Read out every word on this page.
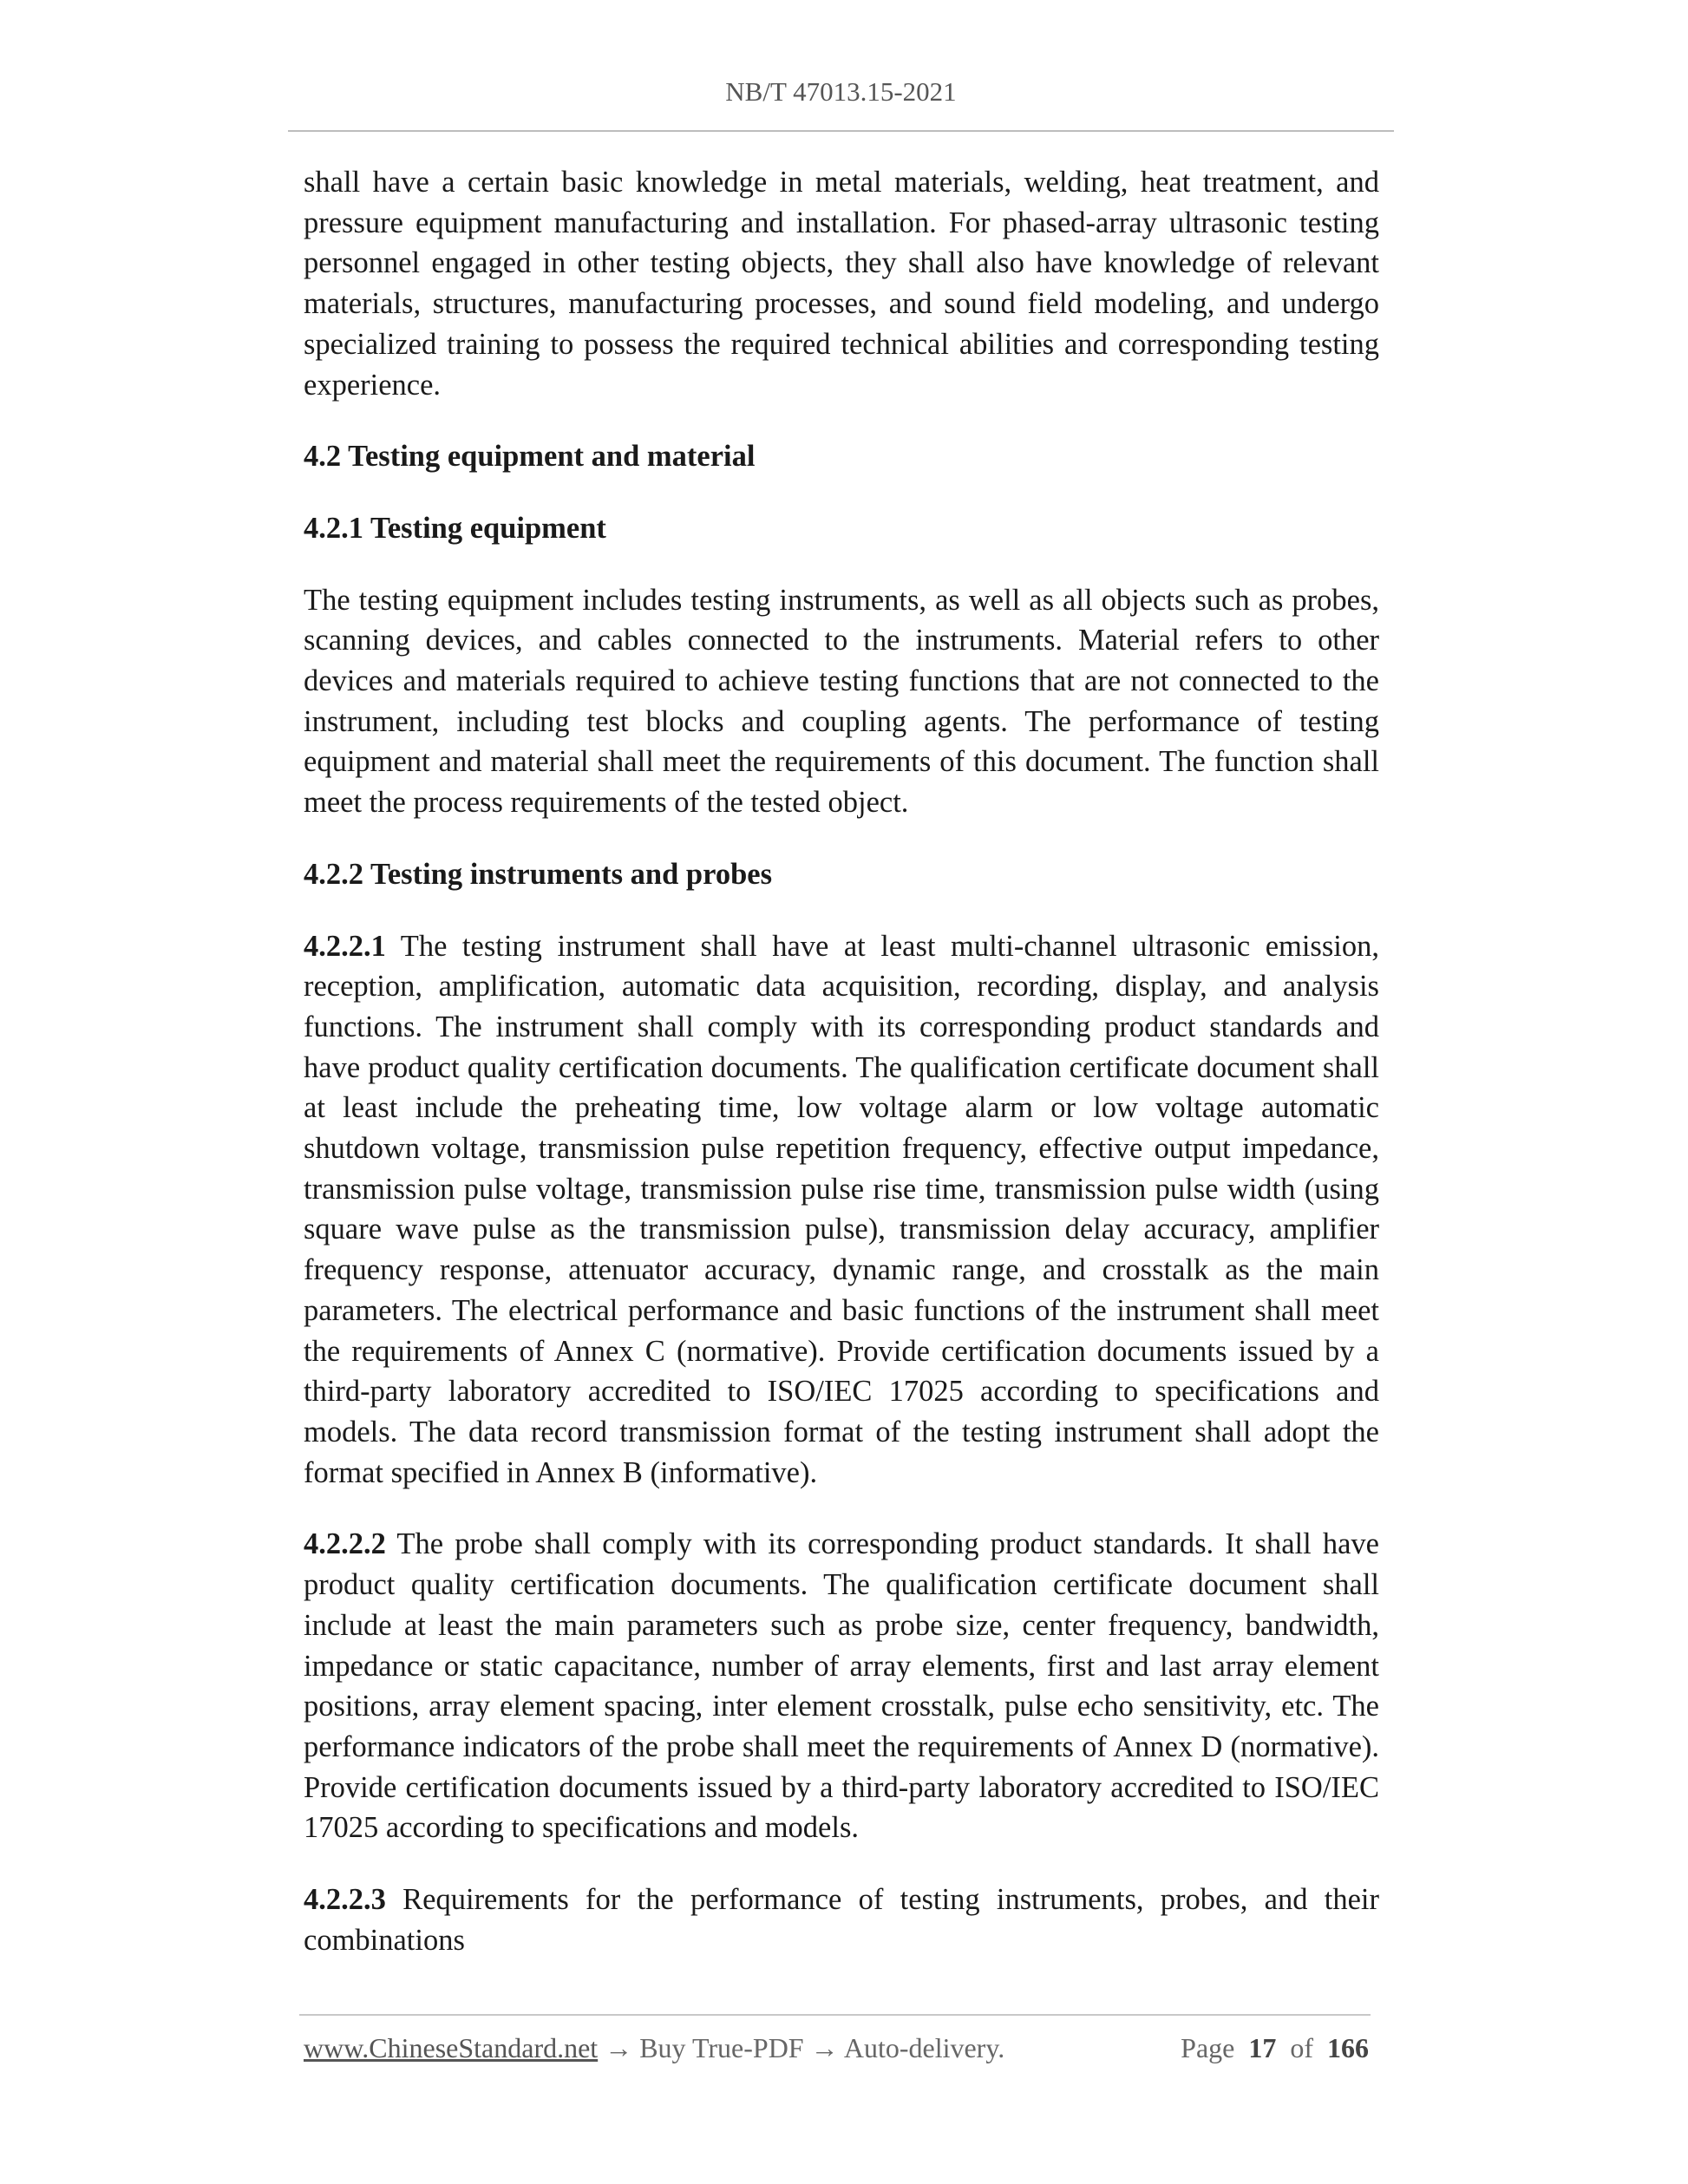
NB/T 47013.15-2021

shall have a certain basic knowledge in metal materials, welding, heat treatment, and pressure equipment manufacturing and installation. For phased-array ultrasonic testing personnel engaged in other testing objects, they shall also have knowledge of relevant materials, structures, manufacturing processes, and sound field modeling, and undergo specialized training to possess the required technical abilities and corresponding testing experience.

4.2 Testing equipment and material
4.2.1 Testing equipment

The testing equipment includes testing instruments, as well as all objects such as probes, scanning devices, and cables connected to the instruments. Material refers to other devices and materials required to achieve testing functions that are not connected to the instrument, including test blocks and coupling agents. The performance of testing equipment and material shall meet the requirements of this document. The function shall meet the process requirements of the tested object.

4.2.2 Testing instruments and probes

4.2.2.1 The testing instrument shall have at least multi-channel ultrasonic emission, reception, amplification, automatic data acquisition, recording, display, and analysis functions. The instrument shall comply with its corresponding product standards and have product quality certification documents. The qualification certificate document shall at least include the preheating time, low voltage alarm or low voltage automatic shutdown voltage, transmission pulse repetition frequency, effective output impedance, transmission pulse voltage, transmission pulse rise time, transmission pulse width (using square wave pulse as the transmission pulse), transmission delay accuracy, amplifier frequency response, attenuator accuracy, dynamic range, and crosstalk as the main parameters. The electrical performance and basic functions of the instrument shall meet the requirements of Annex C (normative). Provide certification documents issued by a third-party laboratory accredited to ISO/IEC 17025 according to specifications and models. The data record transmission format of the testing instrument shall adopt the format specified in Annex B (informative).

4.2.2.2 The probe shall comply with its corresponding product standards. It shall have product quality certification documents. The qualification certificate document shall include at least the main parameters such as probe size, center frequency, bandwidth, impedance or static capacitance, number of array elements, first and last array element positions, array element spacing, inter element crosstalk, pulse echo sensitivity, etc. The performance indicators of the probe shall meet the requirements of Annex D (normative). Provide certification documents issued by a third-party laboratory accredited to ISO/IEC 17025 according to specifications and models.

4.2.2.3 Requirements for the performance of testing instruments, probes, and their combinations

www.ChineseStandard.net → Buy True-PDF → Auto-delivery.	Page 17 of 166
